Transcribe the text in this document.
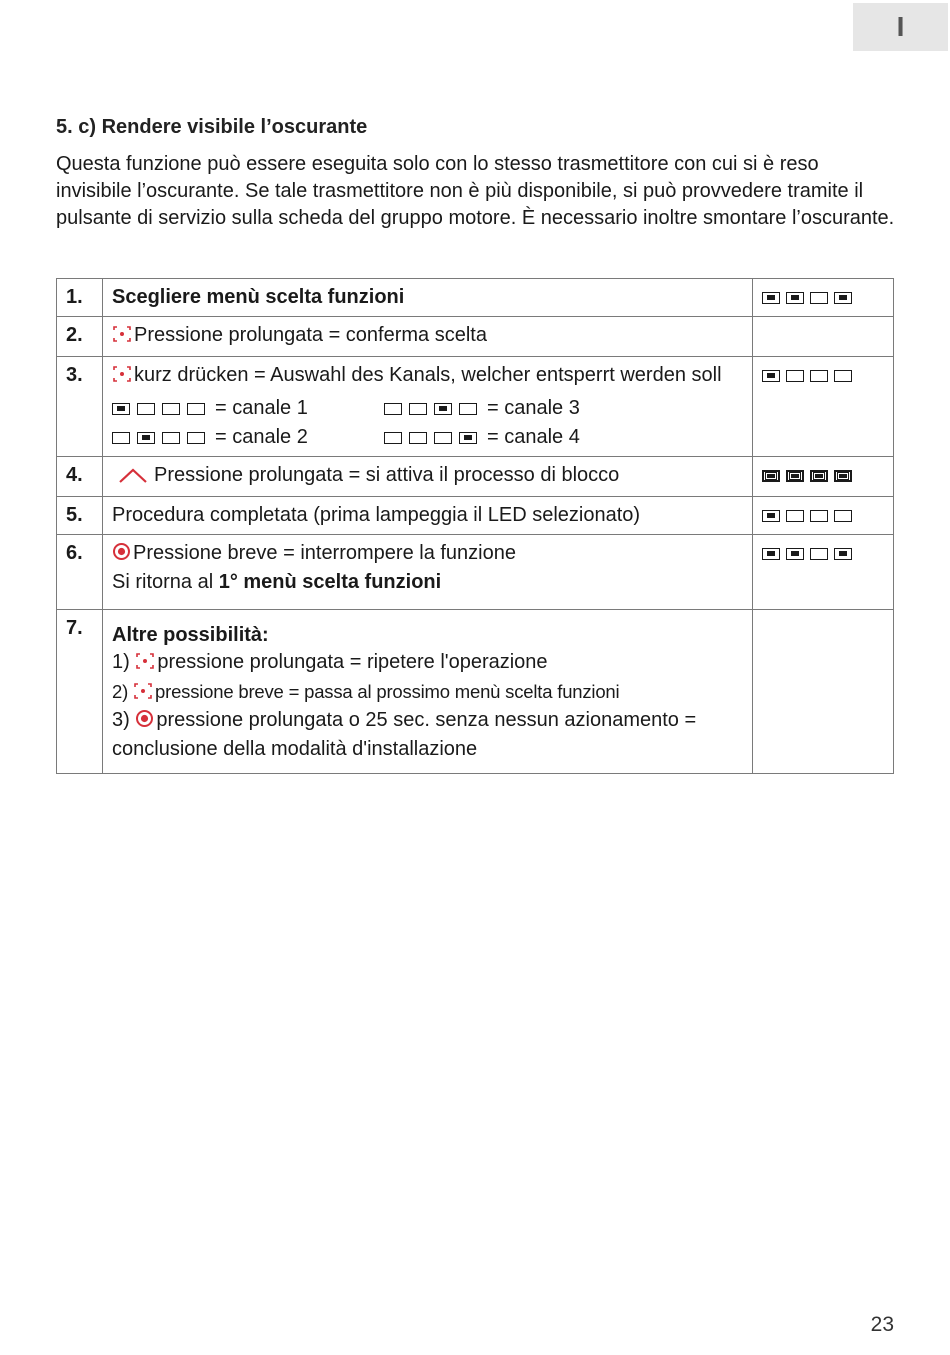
I
5. c) Rendere visibile l’oscurante

Questa funzione può essere eseguita solo con lo stesso trasmettitore con cui si è reso invisibile l’oscurante. Se tale trasmettitore non è più disponibile, si può provvedere tramite il pulsante di servizio sulla scheda del gruppo motore. È necessario inoltre smontare l’oscurante.

1.	Scegliere menù scelta funzioni	

2.	Pressione prolungata = conferma scelta	
3.	kurz drücken = Auswahl des Kanals, welcher entsperrt werden soll
= canale 1 = canale 3
= canale 2 = canale 4	

4.	Pressione prolungata = si attiva il processo di blocco	

5.	Procedura completata (prima lampeggia il LED selezionato)	

6.	Pressione breve = interrompere la funzione
Si ritorna al 1° menù scelta funzioni	

7.	Altre possibilità:
1) pressione prolungata = ripetere l'operazione
2) pressione breve = passa al prossimo menù scelta funzioni
3) pressione prolungata o 25 sec. senza nessun azionamento = conclusione della modalità d'installazione	

23
